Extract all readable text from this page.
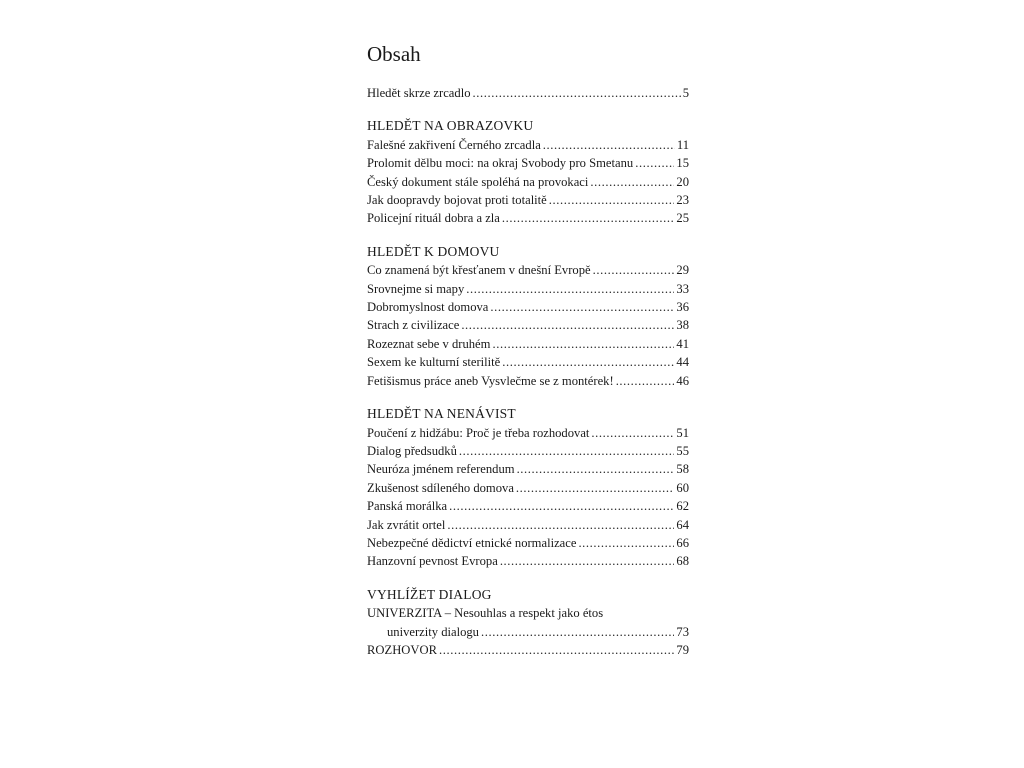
Obsah
Hledět skrze zrcadlo .....	5
HLEDĚT NA OBRAZOVKU
Falešné zakřivení Černého zrcadla .....	11
Prolomit dělbu moci: na okraj Svobody pro Smetanu .....	15
Český dokument stále spoléhá na provokaci .....	20
Jak doopravdy bojovat proti totalitě .....	23
Policejní rituál dobra a zla .....	25
HLEDĚT K DOMOVU
Co znamená být křesťanem v dnešní Evropě .....	29
Srovnejme si mapy .....	33
Dobromyslnost domova .....	36
Strach z civilizace .....	38
Rozeznat sebe v druhém .....	41
Sexem ke kulturní sterilitě .....	44
Fetišismus práce aneb Vysvlečme se z montérek! .....	46
HLEDĚT NA NENÁVIST
Poučení z hidžábu: Proč je třeba rozhodovat .....	51
Dialog předsudků .....	55
Neuróza jménem referendum .....	58
Zkušenost sdíleného domova .....	60
Panská morálka .....	62
Jak zvrátit ortel .....	64
Nebezpečné dědictví etnické normalizace .....	66
Hanzovní pevnost Evropa .....	68
VYHLÍŽET DIALOG
UNIVERZITA – Nesouhlas a respekt jako étos
univerzity dialogu .....	73
ROZHOVOR .....	79
